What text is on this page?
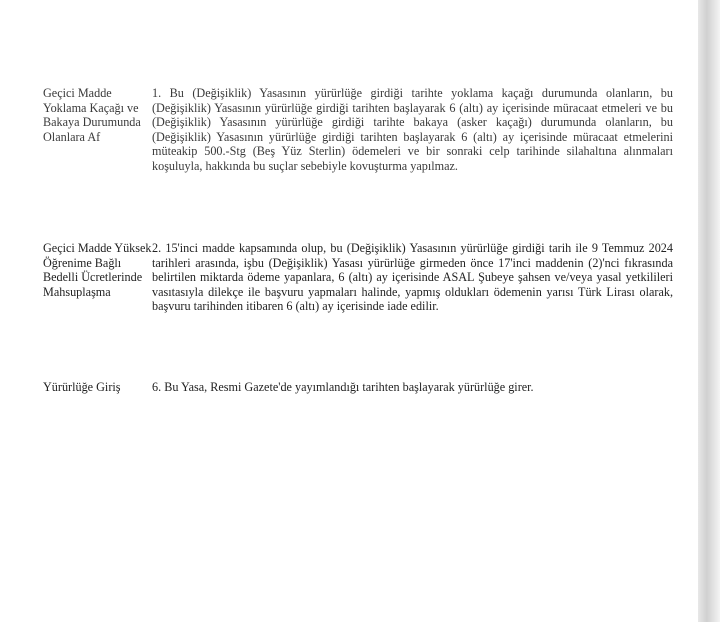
Geçici Madde Yoklama Kaçağı ve Bakaya Durumunda Olanlara Af
1. Bu (Değişiklik) Yasasının yürürlüğe girdiği tarihte yoklama kaçağı durumunda olanların, bu (Değişiklik) Yasasının yürürlüğe girdiği tarihten başlayarak 6 (altı) ay içerisinde müracaat etmeleri ve bu (Değişiklik) Yasasının yürürlüğe girdiği tarihte bakaya (asker kaçağı) durumunda olanların, bu (Değişiklik) Yasasının yürürlüğe girdiği tarihten başlayarak 6 (altı) ay içerisinde müracaat etmelerini müteakip 500.-Stg (Beş Yüz Sterlin) ödemeleri ve bir sonraki celp tarihinde silahaltına alınmaları koşuluyla, hakkında bu suçlar sebebiyle kovuşturma yapılmaz.
Geçici Madde Yüksek Öğrenime Bağlı Bedelli Ücretlerinde Mahsuplaşma
2. 15'inci madde kapsamında olup, bu (Değişiklik) Yasasının yürürlüğe girdiği tarih ile 9 Temmuz 2024 tarihleri arasında, işbu (Değişiklik) Yasası yürürlüğe girmeden önce 17'inci maddenin (2)'nci fıkrasında belirtilen miktarda ödeme yapanlara, 6 (altı) ay içerisinde ASAL Şubeye şahsen ve/veya yasal yetkilileri vasıtasıyla dilekçe ile başvuru yapmaları halinde, yapmış oldukları ödemenin yarısı Türk Lirası olarak, başvuru tarihinden itibaren 6 (altı) ay içerisinde iade edilir.
Yürürlüğe Giriş	6. Bu Yasa, Resmi Gazete'de yayımlandığı tarihten başlayarak yürürlüğe girer.
